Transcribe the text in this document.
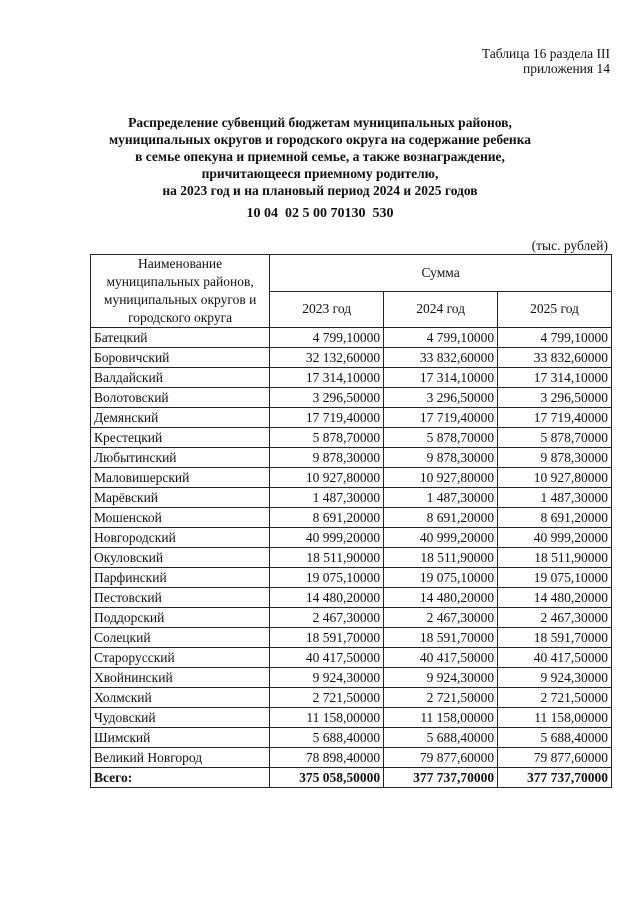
Таблица 16 раздела III
приложения 14
Распределение субвенций бюджетам муниципальных районов,
муниципальных округов и городского округа на содержание ребенка
в семье опекуна и приемной семье, а также вознаграждение,
причитающееся приемному родителю,
на 2023 год и на плановый период 2024 и 2025 годов
10 04  02 5 00 70130  530
(тыс. рублей)
Наименование муниципальных районов, муниципальных округов и городского округа	Сумма		
	2023 год	2024 год	2025 год
Батецкий	4 799,10000	4 799,10000	4 799,10000
Боровичский	32 132,60000	33 832,60000	33 832,60000
Валдайский	17 314,10000	17 314,10000	17 314,10000
Волотовский	3 296,50000	3 296,50000	3 296,50000
Демянский	17 719,40000	17 719,40000	17 719,40000
Крестецкий	5 878,70000	5 878,70000	5 878,70000
Любытинский	9 878,30000	9 878,30000	9 878,30000
Маловишерский	10 927,80000	10 927,80000	10 927,80000
Марёвский	1 487,30000	1 487,30000	1 487,30000
Мошенской	8 691,20000	8 691,20000	8 691,20000
Новгородский	40 999,20000	40 999,20000	40 999,20000
Окуловский	18 511,90000	18 511,90000	18 511,90000
Парфинский	19 075,10000	19 075,10000	19 075,10000
Пестовский	14 480,20000	14 480,20000	14 480,20000
Поддорский	2 467,30000	2 467,30000	2 467,30000
Солецкий	18 591,70000	18 591,70000	18 591,70000
Старорусский	40 417,50000	40 417,50000	40 417,50000
Хвойнинский	9 924,30000	9 924,30000	9 924,30000
Холмский	2 721,50000	2 721,50000	2 721,50000
Чудовский	11 158,00000	11 158,00000	11 158,00000
Шимский	5 688,40000	5 688,40000	5 688,40000
Великий Новгород	78 898,40000	79 877,60000	79 877,60000
Всего:	375 058,50000	377 737,70000	377 737,70000
